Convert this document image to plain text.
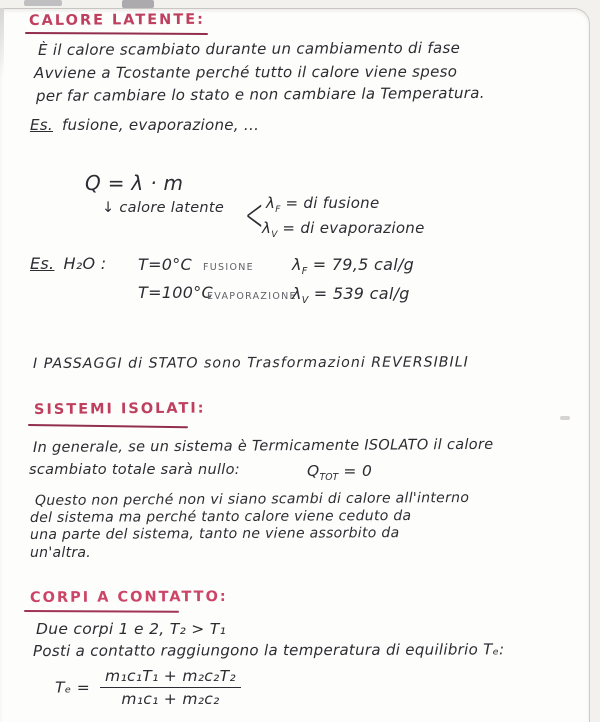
CALORE LATENTE:
È il calore scambiato durante un cambiamento di fase
Avviene a Tcostante perché tutto il calore viene speso
per far cambiare lo stato e non cambiare la Temperatura.
Es. fusione, evaporazione, ...
Q = λ · m
↓ calore latente < $\lambda_F$ = di fusione
$\lambda_V$ = di evaporazione
Es. H₂O : T=0°C FUSIONE $\lambda_F = 79,5$ cal/g
T=100°C
EVAPORAZIONE
$\lambda_V = 539$ cal/g
I PASSAGGI di STATO sono Trasformazioni REVERSIBILI
SISTEMI ISOLATI:
In generale, se un sistema è Termicamente ISOLATO il calore
scambiato totale sarà nullo:	$Q_{TOT} = 0$
Questo non perché non vi siano scambi di calore all'interno
del sistema ma perché tanto calore viene ceduto da
una parte del sistema, tanto ne viene assorbito da
un'altra.
CORPI A CONTATTO:
Due corpi 1 e 2, T₂ > T₁
Posti a contatto raggiungono la temperatura di equilibrio Tₑ:
$T_e = \frac{\text{m₁c₁T₁ + m₂c₂T₂}}{\text{m₁c₁ + m₂c₂}}$
